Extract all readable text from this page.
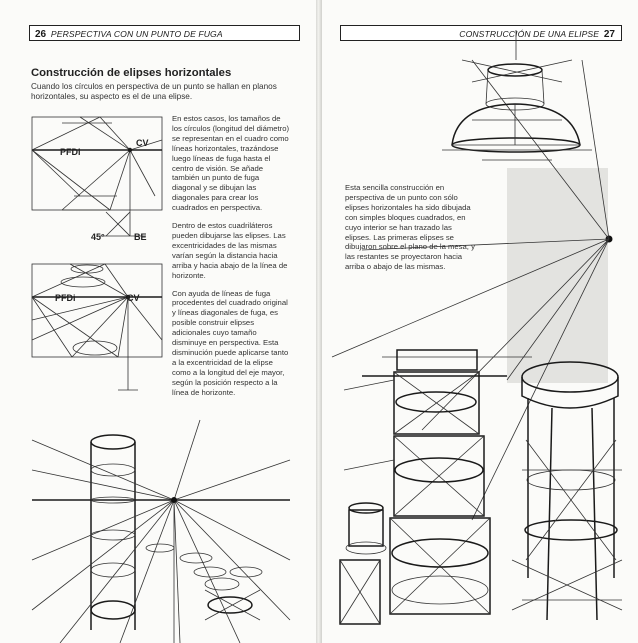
26 PERSPECTIVA CON UN PUNTO DE FUGA
Construcción de elipses horizontales
Cuando los círculos en perspectiva de un punto se hallan en planos horizontales, su aspecto es el de una elipse.

En estos casos, los tamaños de los círculos (longitud del diámetro) se representan en el cuadro como líneas horizontales, trazándose luego líneas de fuga hasta el centro de visión. Se añade también un punto de fuga diagonal y se dibujan las diagonales para crear los cuadrados en perspectiva.

Dentro de estos cuadriláteros pueden dibujarse las elipses. Las excentricidades de las mismas varían según la distancia hacia arriba y hacia abajo de la línea de horizonte.

Con ayuda de líneas de fuga procedentes del cuadrado original y líneas diagonales de fuga, es posible construir elipses adicionales cuyo tamaño disminuye en perspectiva. Esta disminución puede aplicarse tanto a la excentricidad de la elipse como a la longitud del eje mayor, según la posición respecto a la línea de horizonte.

PFDi
CV
45°	BE
PFDi	CV
CONSTRUCCIÓN DE UNA ELIPSE 27

Esta sencilla construcción en perspectiva de un punto con sólo elipses horizontales ha sido dibujada con simples bloques cuadrados, en cuyo interior se han trazado las elipses. Las primeras elipses se dibujaron sobre el plano de la mesa, y las restantes se proyectaron hacia arriba o abajo de las mismas.
